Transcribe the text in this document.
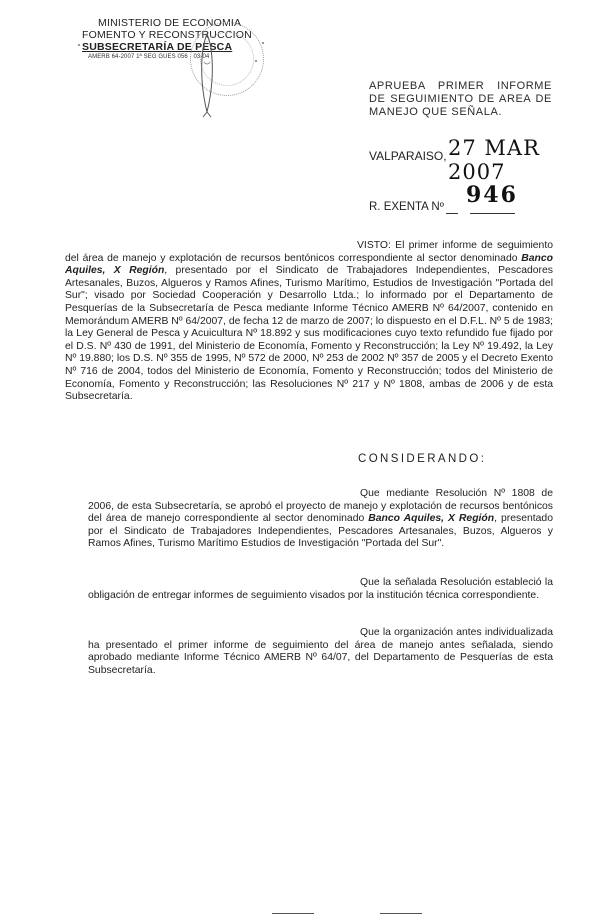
MINISTERIO DE ECONOMIA
FOMENTO Y RECONSTRUCCION
SUBSECRETARÍA DE PESCA
AMERB 64-2007 1ª SEG GUES 056 · 03-04
APRUEBA PRIMER INFORME DE SEGUIMIENTO DE AREA DE MANEJO QUE SEÑALA.
VALPARAISO, 27 MAR 2007
R. EXENTA Nº 946
VISTO: El primer informe de seguimiento del área de manejo y explotación de recursos bentónicos correspondiente al sector denominado Banco Aquiles, X Región, presentado por el Sindicato de Trabajadores Independientes, Pescadores Artesanales, Buzos, Algueros y Ramos Afines, Turismo Marítimo, Estudios de Investigación "Portada del Sur"; visado por Sociedad Cooperación y Desarrollo Ltda.; lo informado por el Departamento de Pesquerías de la Subsecretaría de Pesca mediante Informe Técnico AMERB Nº 64/2007, contenido en Memorándum AMERB Nº 64/2007, de fecha 12 de marzo de 2007; lo dispuesto en el D.F.L. Nº 5 de 1983; la Ley General de Pesca y Acuicultura Nº 18.892 y sus modificaciones cuyo texto refundido fue fijado por el D.S. Nº 430 de 1991, del Ministerio de Economía, Fomento y Reconstrucción; la Ley Nº 19.492, la Ley Nº 19.880; los D.S. Nº 355 de 1995, Nº 572 de 2000, Nº 253 de 2002 Nº 357 de 2005 y el Decreto Exento Nº 716 de 2004, todos del Ministerio de Economía, Fomento y Reconstrucción; todos del Ministerio de Economía, Fomento y Reconstrucción; las Resoluciones Nº 217 y Nº 1808, ambas de 2006 y de esta Subsecretaría.
CONSIDERANDO:
Que mediante Resolución Nº 1808 de 2006, de esta Subsecretaría, se aprobó el proyecto de manejo y explotación de recursos bentónicos del área de manejo correspondiente al sector denominado Banco Aquiles, X Región, presentado por el Sindicato de Trabajadores Independientes, Pescadores Artesanales, Buzos, Algueros y Ramos Afines, Turismo Marítimo Estudios de Investigación "Portada del Sur".
Que la señalada Resolución estableció la obligación de entregar informes de seguimiento visados por la institución técnica correspondiente.
Que la organización antes individualizada ha presentado el primer informe de seguimiento del área de manejo antes señalada, siendo aprobado mediante Informe Técnico AMERB Nº 64/07, del Departamento de Pesquerías de esta Subsecretaría.
